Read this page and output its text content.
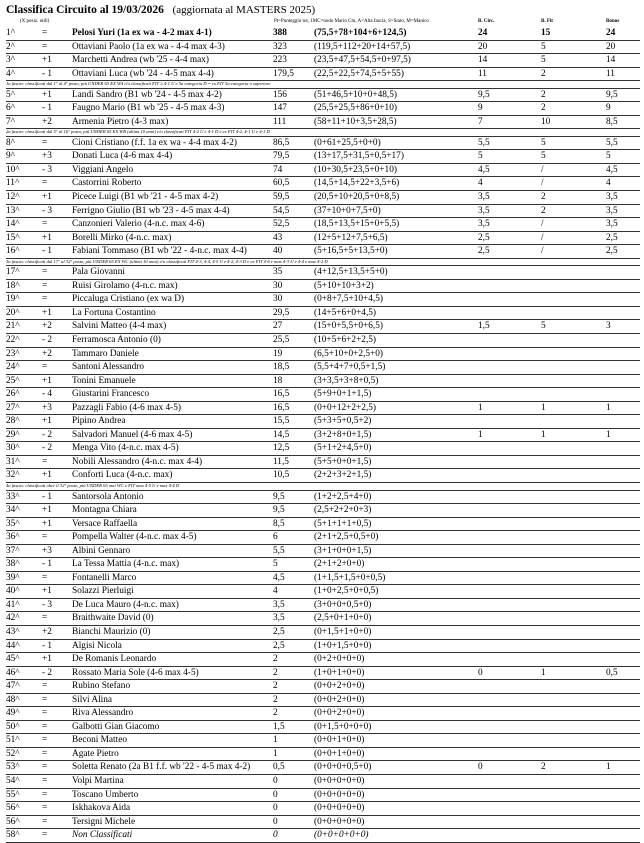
Classifica Circuito al 19/03/2026 (aggiornata al MASTERS 2025)
(X posiz. utili)	Pt=Punteggio tot, 1MC=nodo Mario Ctu, A=Alta fascia, S=Stato, M=Manico	B. Circ.	B. Fit	Bonus
1^	=	Pelosi Yuri (1a ex wa - 4-2 max 4-1)	388	(75,5+78+104+6+124,5)	24	15	24
2^	=	Ottaviani Paolo (1a ex wa - 4-4 max 4-3)	323	(119,5+112+20+14+57,5)	20	5	20
3^	+1	Marchetti Andrea (wb '25 - 4-4 max)	223	(23,5+47,5+54,5+0+97,5)	14	5	14
4^	- 1	Ottaviani Luca (wb '24 - 4-5 max 4-4)	179,5	(22,5+22,5+74,5+5+55)	11	2	11
1a fascia: classificati dal 1° al 4° posto, più UNDER 65 EX WA e/o classificati FIT ≥ 4-1 U e 5a categoria D = ex FIT 5a categoria o superiore
5^	+1	Landi Sandro (B1 wb '24 - 4-5 max 4-2)	156	(51+46,5+10+0+48,5)	9,5	2	9,5
6^	- 1	Faugno Mario (B1 wb '25 - 4-5 max 4-3)	147	(25,5+25,5+86+0+10)	9	2	9
7^	+2	Armenia Pietro (4-3 max)	111	(58+11+10+3,5+28,5)	7	10	8,5
2a fascia: classificati dal 5° al 16° posto, più UNDER 65 EX WB (ultimi 10 anni) e/o classificati FIT 4-2 U e 4-1 D e ex FIT 4-2, 4-1 U e 4-1 D
8^	=	Cioni Cristiano (f.f. 1a ex wa - 4-4 max 4-2)	86,5	(0+61+25,5+0+0)	5,5	5	5,5
9^	+3	Donati Luca (4-6 max 4-4)	79,5	(13+17,5+31,5+0,5+17)	5	5	5
10^	- 3	Viggiani Angelo	74	(10+30,5+23,5+0+10)	4,5	/	4,5
11^	=	Castorrini Roberto	60,5	(14,5+14,5+22+3,5+6)	4	/	4
12^	+1	Picece Luigi (B1 wb '21 - 4-5 max 4-2)	59,5	(20,5+10+20,5+0+8,5)	3,5	2	3,5
13^	- 3	Ferrigno Giulio (B1 wb '23 - 4-5 max 4-4)	54,5	(37+10+0+7,5+0)	3,5	2	3,5
14^	=	Canzonieri Valerio (4-n.c. max 4-6)	52,5	(18,5+13,5+15+0+5,5)	3,5	/	3,5
15^	+1	Borelli Mirko (4-n.c. max)	43	(12+5+12+7,5+6,5)	2,5	/	2,5
16^	- 1	Fabiani Tommaso (B1 wb '22 - 4-n.c. max 4-4)	40	(5+16,5+5+13,5+0)	2,5	/	2,5
3a fascia: classificati dal 17° al 32° posto, più UNDER 65 EX WC (ultimi 10 anni) e/o classificati FIT 4-3, 4-4, 4-5 U e 4-2, 4-3 D e ex FIT 4-6 e max 4-3 U e 4-4 e max 4-2 D
17^	=	Pala Giovanni	35	(4+12,5+13,5+5+0)
18^	=	Ruisi Girolamo (4-n.c. max)	30	(5+10+10+3+2)
19^	=	Piccaluga Cristiano (ex wa D)	30	(0+8+7,5+10+4,5)
20^	+1	La Fortuna Costantino	29,5	(14+5+6+0+4,5)
21^	+2	Salvini Matteo (4-4 max)	27	(15+0+5,5+0+6,5)	1,5	5	3
22^	- 2	Ferramosca Antonio (0)	25,5	(10+5+6+2+2,5)
23^	+2	Tammaro Daniele	19	(6,5+10+0+2,5+0)
24^	=	Santoni Alessandro	18,5	(5,5+4+7+0,5+1,5)
25^	+1	Tonini Emanuele	18	(3+3,5+3+8+0,5)
26^	- 4	Giustarini Francesco	16,5	(5+9+0+1+1,5)
27^	+3	Pazzagli Fabio (4-6 max 4-5)	16,5	(0+0+12+2+2,5)	1	1	1
28^	+1	Pipino Andrea	15,5	(5+3+5+0,5+2)
29^	- 2	Salvadori Manuel (4-6 max 4-5)	14,5	(3+2+8+0+1,5)	1	1	1
30^	- 2	Menga Vito (4-n.c. max 4-5)	12,5	(5+1+2+4,5+0)
31^	=	Nobili Alessandro (4-n.c. max 4-4)	11,5	(5+5+0+0+1,5)
32^	+1	Conforti Luca (4-n.c. max)	10,5	(2+2+3+2+1,5)
4a fascia: classificati oltre il 32° posto, più UNDER 65 mai WC e FIT max 4-5 U e max 4-4 D
33^	- 1	Santorsola Antonio	9,5	(1+2+2,5+4+0)
34^	+1	Montagna Chiara	9,5	(2,5+2+2+0+3)
35^	+1	Versace Raffaella	8,5	(5+1+1+1+0,5)
36^	=	Pompella Walter (4-n.c. max 4-5)	6	(2+1+2,5+0,5+0)
37^	+3	Albini Gennaro	5,5	(3+1+0+0+1,5)
38^	- 1	La Tessa Mattia (4-n.c. max)	5	(2+1+2+0+0)
39^	=	Fontanelli Marco	4,5	(1+1,5+1,5+0+0,5)
40^	+1	Solazzi Pierluigi	4	(1+0+2,5+0+0,5)
41^	- 3	De Luca Mauro (4-n.c. max)	3,5	(3+0+0+0,5+0)
42^	=	Braithwaite David (0)	3,5	(2,5+0+1+0+0)
43^	+2	Bianchi Maurizio (0)	2,5	(0+1,5+1+0+0)
44^	- 1	Algisi Nicola	2,5	(1+0+1,5+0+0)
45^	+1	De Romanis Leonardo	2	(0+2+0+0+0)
46^	- 2	Rossato Maria Sole (4-6 max 4-5)	2	(1+0+1+0+0)	0	1	0,5
47^	=	Rubino Stefano	2	(0+0+2+0+0)
48^	=	Silvi Alina	2	(0+0+2+0+0)
49^	=	Riva Alessandro	2	(0+0+2+0+0)
50^	=	Galbotti Gian Giacomo	1,5	(0+1,5+0+0+0)
51^	=	Beconi Matteo	1	(0+0+1+0+0)
52^	=	Agate Pietro	1	(0+0+1+0+0)
53^	=	Soletta Renato (2a B1 f.f. wb '22 - 4-5 max 4-2)	0,5	(0+0+0+0,5+0)	0	2	1
54^	=	Volpi Martina	0	(0+0+0+0+0)
55^	=	Toscano Umberto	0	(0+0+0+0+0)
56^	=	Iskhakova Aida	0	(0+0+0+0+0)
56^	=	Tersigni Michele	0	(0+0+0+0+0)
58^	=	Non Classificati	0	(0+0+0+0+0)
